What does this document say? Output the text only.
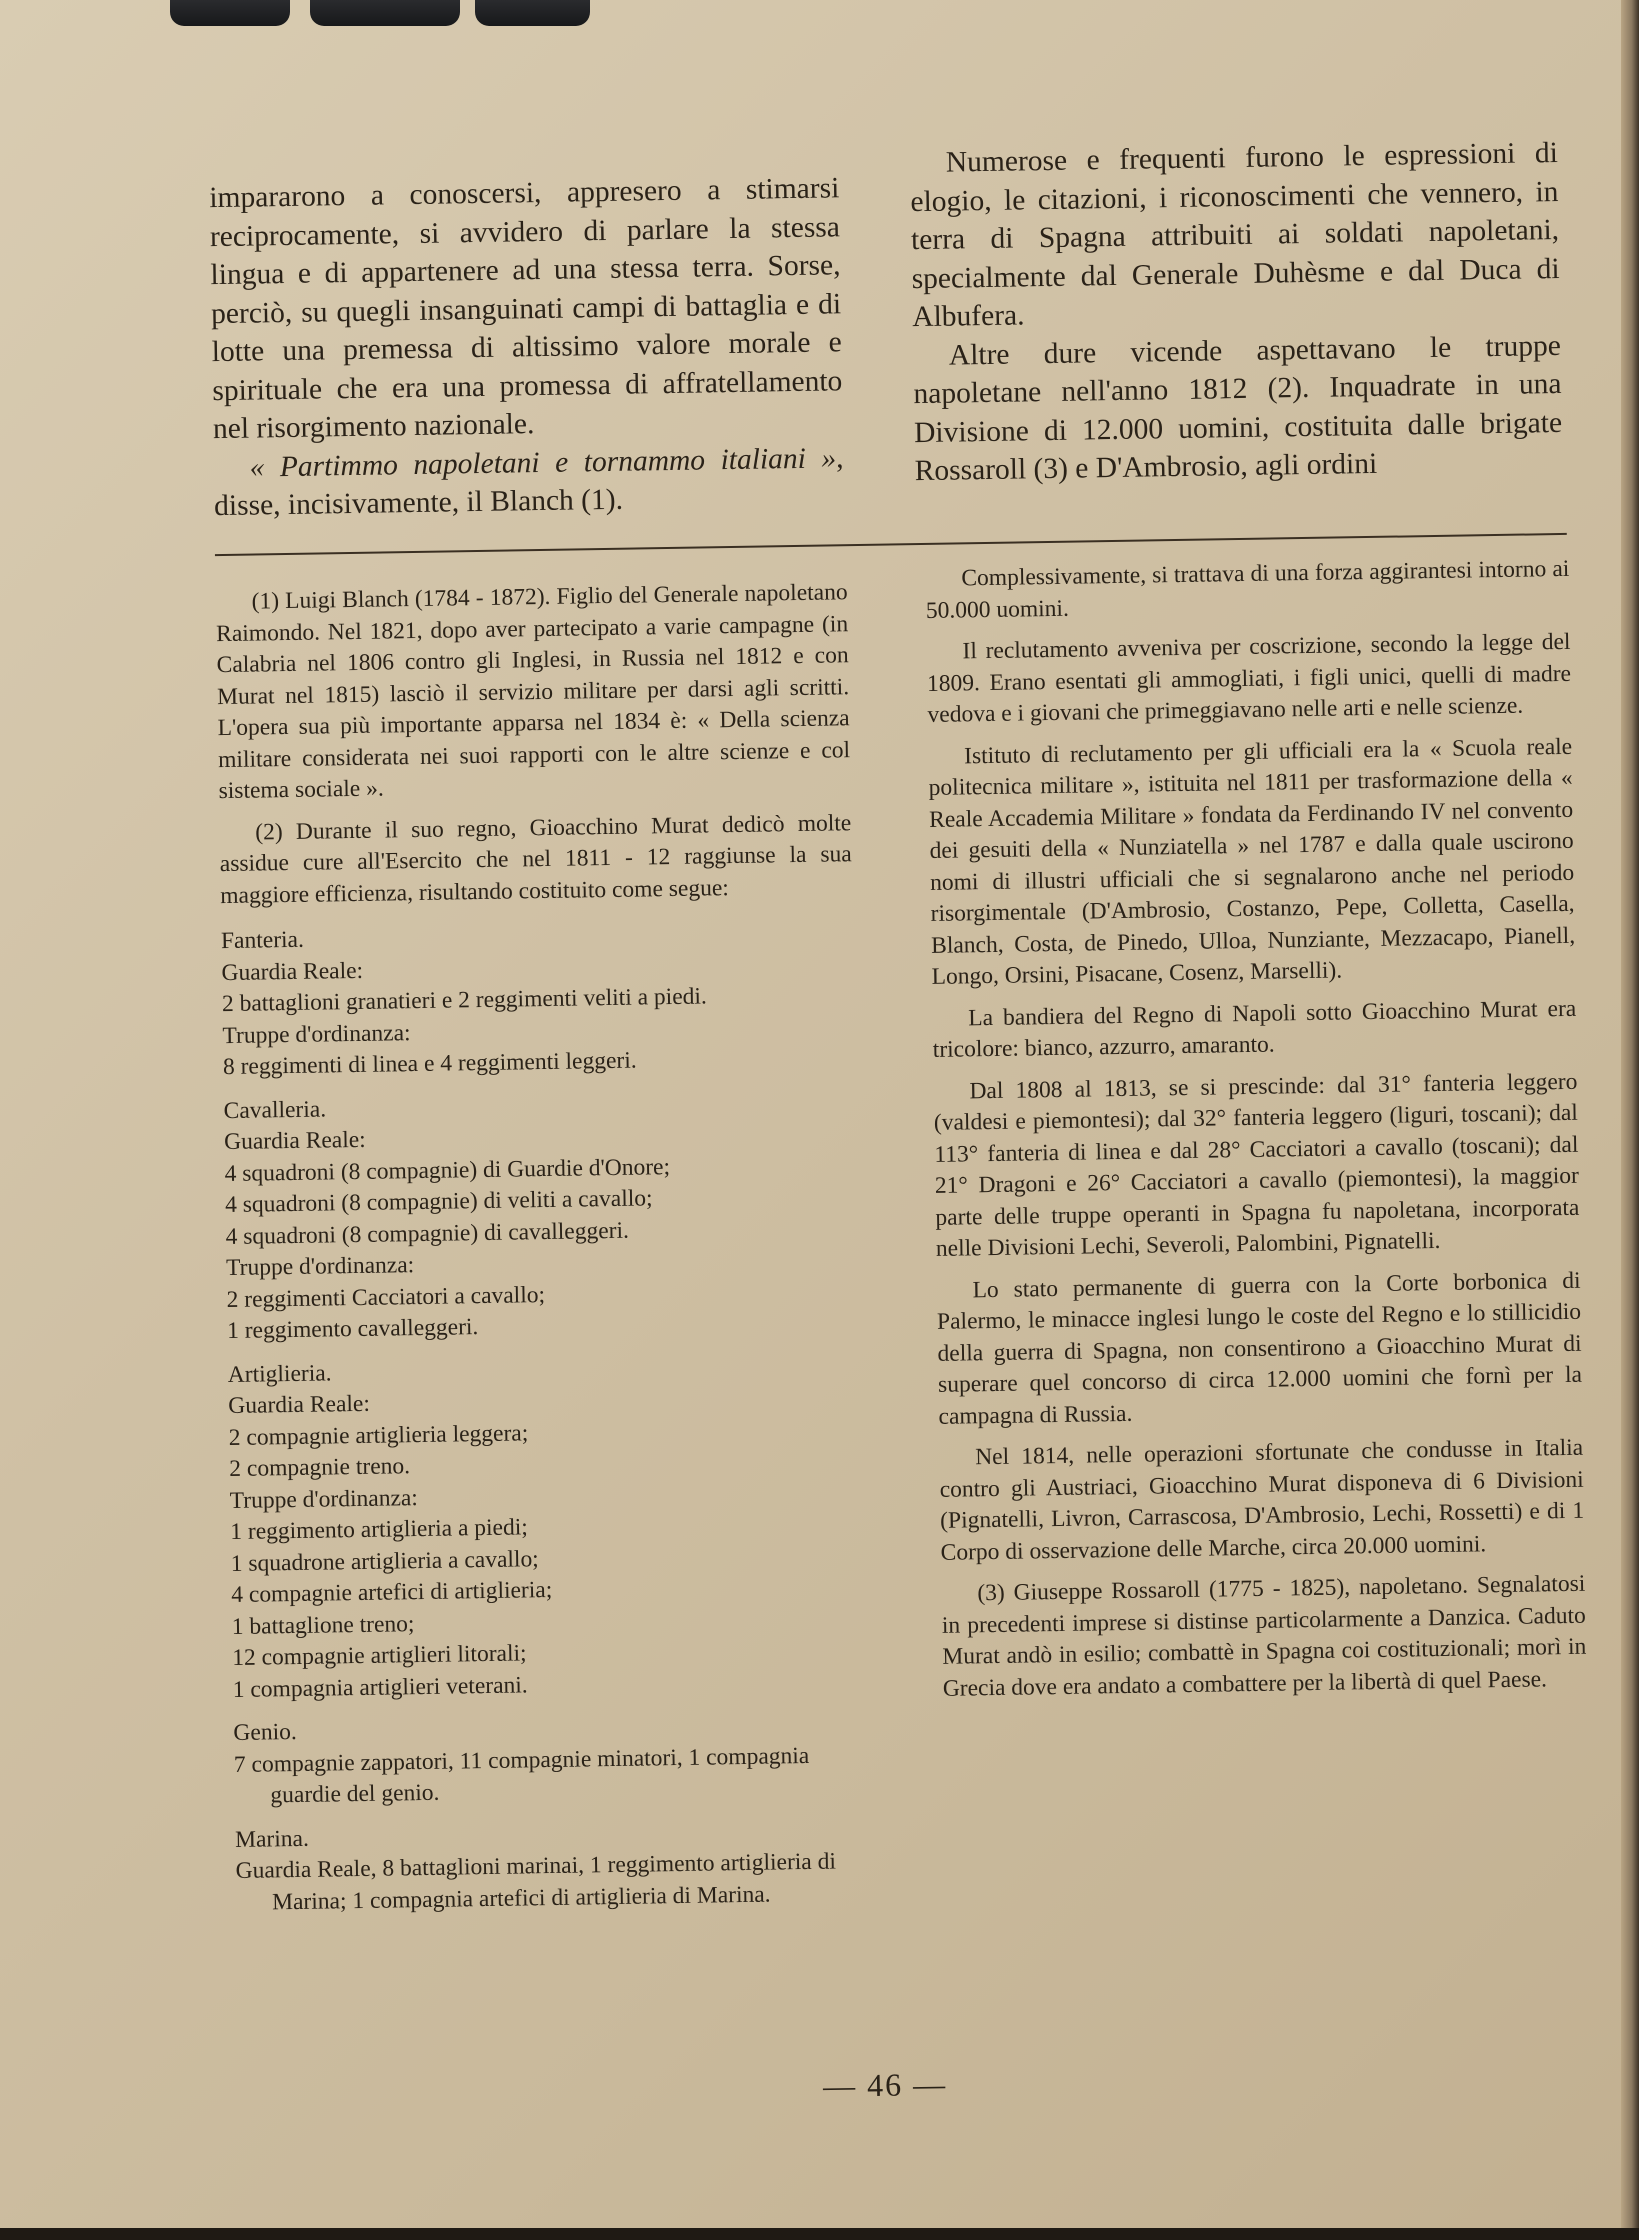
impararono a conoscersi, appresero a stimarsi reciprocamente, si avvidero di parlare la stessa lingua e di appartenere ad una stessa terra. Sorse, perciò, su quegli insanguinati campi di battaglia e di lotte una premessa di altissimo valore morale e spirituale che era una promessa di affratellamento nel risorgimento nazionale.

« Partimmo napoletani e tornammo italiani », disse, incisivamente, il Blanch (1).

Numerose e frequenti furono le espressioni di elogio, le citazioni, i riconoscimenti che vennero, in terra di Spagna attribuiti ai soldati napoletani, specialmente dal Generale Duhèsme e dal Duca di Albufera.

Altre dure vicende aspettavano le truppe napoletane nell'anno 1812 (2). Inquadrate in una Divisione di 12.000 uomini, costituita dalle brigate Rossaroll (3) e D'Ambrosio, agli ordini

(1) Luigi Blanch (1784 - 1872). Figlio del Generale napoletano Raimondo. Nel 1821, dopo aver partecipato a varie campagne (in Calabria nel 1806 contro gli Inglesi, in Russia nel 1812 e con Murat nel 1815) lasciò il servizio militare per darsi agli scritti. L'opera sua più importante apparsa nel 1834 è: « Della scienza militare considerata nei suoi rapporti con le altre scienze e col sistema sociale ».

(2) Durante il suo regno, Gioacchino Murat dedicò molte assidue cure all'Esercito che nel 1811 - 12 raggiunse la sua maggiore efficienza, risultando costituito come segue:

Fanteria.

Guardia Reale:

2 battaglioni granatieri e 2 reggimenti veliti a piedi.

Truppe d'ordinanza:

8 reggimenti di linea e 4 reggimenti leggeri.

Cavalleria.

Guardia Reale:

4 squadroni (8 compagnie) di Guardie d'Onore;

4 squadroni (8 compagnie) di veliti a cavallo;

4 squadroni (8 compagnie) di cavalleggeri.

Truppe d'ordinanza:

2 reggimenti Cacciatori a cavallo;

1 reggimento cavalleggeri.

Artiglieria.

Guardia Reale:

2 compagnie artiglieria leggera;

2 compagnie treno.

Truppe d'ordinanza:

1 reggimento artiglieria a piedi;

1 squadrone artiglieria a cavallo;

4 compagnie artefici di artiglieria;

1 battaglione treno;

12 compagnie artiglieri litorali;

1 compagnia artiglieri veterani.

Genio.

7 compagnie zappatori, 11 compagnie minatori, 1 compagnia guardie del genio.

Marina.

Guardia Reale, 8 battaglioni marinai, 1 reggimento artiglieria di Marina; 1 compagnia artefici di artiglieria di Marina.

Complessivamente, si trattava di una forza aggirantesi intorno ai 50.000 uomini.

Il reclutamento avveniva per coscrizione, secondo la legge del 1809. Erano esentati gli ammogliati, i figli unici, quelli di madre vedova e i giovani che primeggiavano nelle arti e nelle scienze.

Istituto di reclutamento per gli ufficiali era la « Scuola reale politecnica militare », istituita nel 1811 per trasformazione della « Reale Accademia Militare » fondata da Ferdinando IV nel convento dei gesuiti della « Nunziatella » nel 1787 e dalla quale uscirono nomi di illustri ufficiali che si segnalarono anche nel periodo risorgimentale (D'Ambrosio, Costanzo, Pepe, Colletta, Casella, Blanch, Costa, de Pinedo, Ulloa, Nunziante, Mezzacapo, Pianell, Longo, Orsini, Pisacane, Cosenz, Marselli).

La bandiera del Regno di Napoli sotto Gioacchino Murat era tricolore: bianco, azzurro, amaranto.

Dal 1808 al 1813, se si prescinde: dal 31° fanteria leggero (valdesi e piemontesi); dal 32° fanteria leggero (liguri, toscani); dal 113° fanteria di linea e dal 28° Cacciatori a cavallo (toscani); dal 21° Dragoni e 26° Cacciatori a cavallo (piemontesi), la maggior parte delle truppe operanti in Spagna fu napoletana, incorporata nelle Divisioni Lechi, Severoli, Palombini, Pignatelli.

Lo stato permanente di guerra con la Corte borbonica di Palermo, le minacce inglesi lungo le coste del Regno e lo stillicidio della guerra di Spagna, non consentirono a Gioacchino Murat di superare quel concorso di circa 12.000 uomini che fornì per la campagna di Russia.

Nel 1814, nelle operazioni sfortunate che condusse in Italia contro gli Austriaci, Gioacchino Murat disponeva di 6 Divisioni (Pignatelli, Livron, Carrascosa, D'Ambrosio, Lechi, Rossetti) e di 1 Corpo di osservazione delle Marche, circa 20.000 uomini.

(3) Giuseppe Rossaroll (1775 - 1825), napoletano. Segnalatosi in precedenti imprese si distinse particolarmente a Danzica. Caduto Murat andò in esilio; combattè in Spagna coi costituzionali; morì in Grecia dove era andato a combattere per la libertà di quel Paese.

— 46 —
